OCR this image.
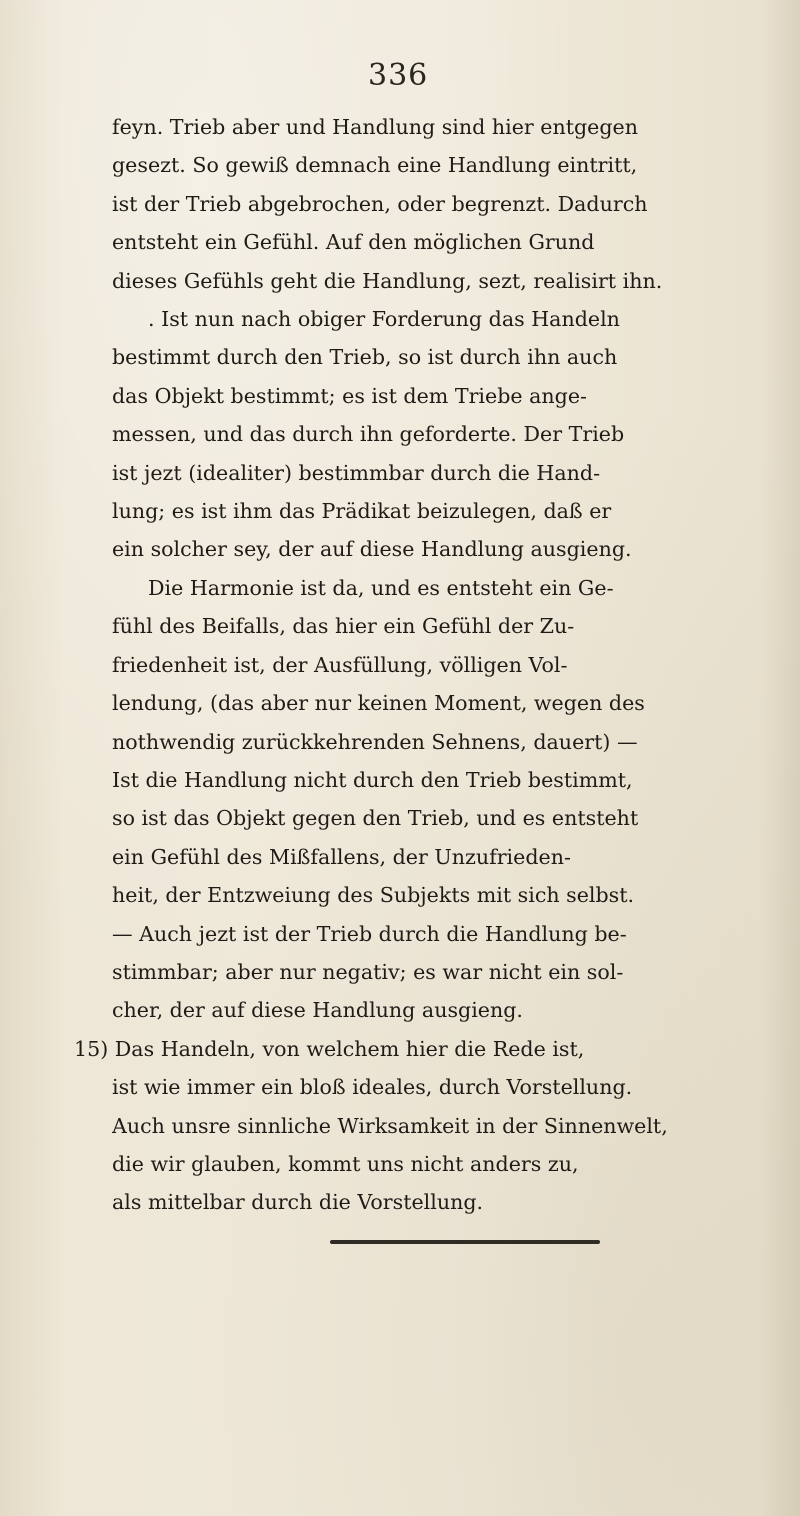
336
feyn. Trieb aber und Handlung sind hier entgegen
gesezt. So gewiß demnach eine Handlung eintritt,
ist der Trieb abgebrochen, oder begrenzt. Dadurch
entsteht ein Gefühl. Auf den möglichen Grund
dieses Gefühls geht die Handlung, sezt, realisirt ihn.
. Ist nun nach obiger Forderung das Handeln
bestimmt durch den Trieb, so ist durch ihn auch
das Objekt bestimmt; es ist dem Triebe ange-
messen, und das durch ihn geforderte. Der Trieb
ist jezt (idealiter) bestimmbar durch die Hand-
lung; es ist ihm das Prädikat beizulegen, daß er
ein solcher sey, der auf diese Handlung ausgieng.
Die Harmonie ist da, und es entsteht ein Ge-
fühl des Beifalls, das hier ein Gefühl der Zu-
friedenheit ist, der Ausfüllung, völligen Vol-
lendung, (das aber nur keinen Moment, wegen des
nothwendig zurückkehrenden Sehnens, dauert) —
Ist die Handlung nicht durch den Trieb bestimmt,
so ist das Objekt gegen den Trieb, und es entsteht
ein Gefühl des Mißfallens, der Unzufrieden-
heit, der Entzweiung des Subjekts mit sich selbst.
— Auch jezt ist der Trieb durch die Handlung be-
stimmbar; aber nur negativ; es war nicht ein sol-
cher, der auf diese Handlung ausgieng.
15) Das Handeln, von welchem hier die Rede ist,
ist wie immer ein bloß ideales, durch Vorstellung.
Auch unsre sinnliche Wirksamkeit in der Sinnenwelt,
die wir glauben, kommt uns nicht anders zu,
als mittelbar durch die Vorstellung.
